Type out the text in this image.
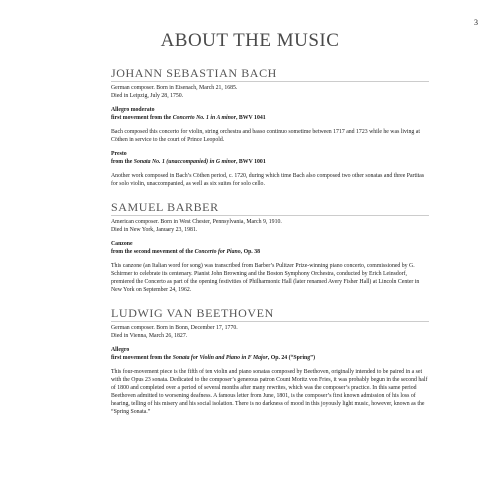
3
ABOUT THE MUSIC
JOHANN SEBASTIAN BACH
German composer. Born in Eisenach, March 21, 1685.
Died in Leipzig, July 28, 1750.

Allegro moderato

first movement from the Concerto No. 1 in A minor, BWV 1041

Bach composed this concerto for violin, string orchestra and basso continuo sometime between 1717 and 1723 while he was living at Cöthen in service to the court of Prince Leopold.

Presto

from the Sonata No. 1 (unaccompanied) in G minor, BWV 1001

Another work composed in Bach’s Cöthen period, c. 1720, during which time Bach also composed two other sonatas and three Partitas for solo violin, unaccompanied, as well as six suites for solo cello.

SAMUEL BARBER
American composer. Born in West Chester, Pennsylvania, March 9, 1910.
Died in New York, January 23, 1981.

Canzone

from the second movement of the Concerto for Piano, Op. 38

This canzone (an Italian word for song) was transcribed from Barber’s Pulitzer Prize-winning piano concerto, commissioned by G. Schirmer to celebrate its centenary. Pianist John Browning and the Boston Symphony Orchestra, conducted by Erich Leinsdorf, premiered the Concerto as part of the opening festivities of Philharmonic Hall (later renamed Avery Fisher Hall) at Lincoln Center in New York on September 24, 1962.

LUDWIG VAN BEETHOVEN
German composer. Born in Bonn, December 17, 1770.
Died in Vienna, March 26, 1827.

Allegro

first movement from the Sonata for Violin and Piano in F Major, Op. 24 (“Spring”)

This four-movement piece is the fifth of ten violin and piano sonatas composed by Beethoven, originally intended to be paired in a set with the Opus 23 sonata. Dedicated to the composer’s generous patron Count Moritz von Fries, it was probably begun in the second half of 1800 and completed over a period of several months after many rewrites, which was the composer’s practice. In this same period Beethoven admitted to worsening deafness. A famous letter from June, 1801, is the composer’s first known admission of his loss of hearing, telling of his misery and his social isolation. There is no darkness of mood in this joyously light music, however, known as the “Spring Sonata.”
